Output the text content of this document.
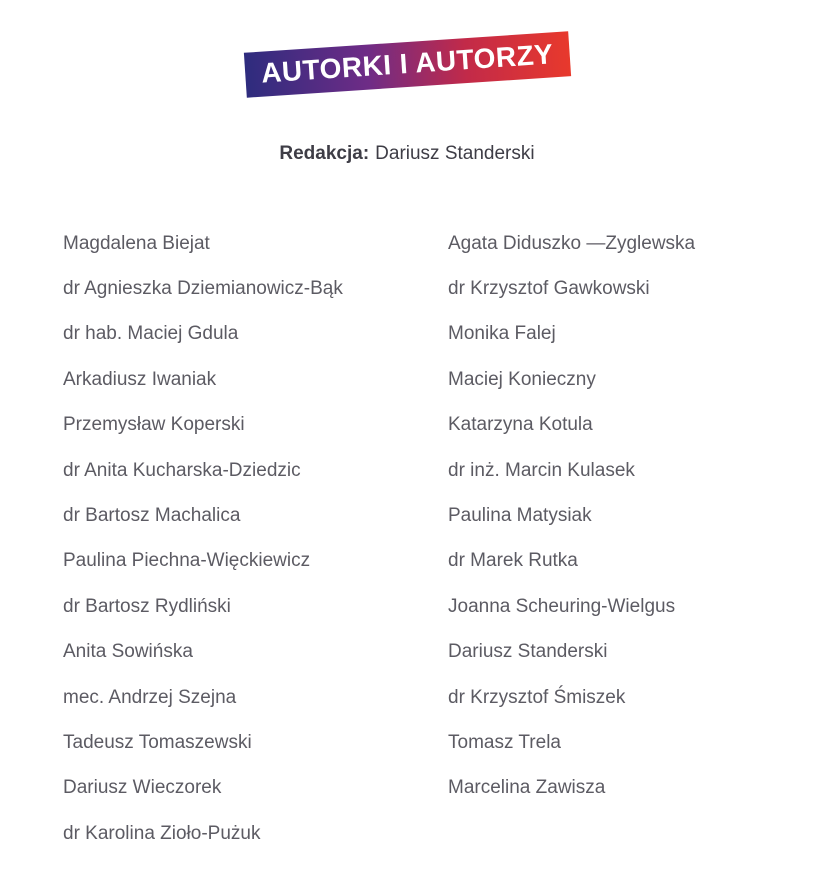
AUTORKI I AUTORZY

Redakcja: Dariusz Standerski

Magdalena Biejat
dr Agnieszka Dziemianowicz-Bąk
dr hab. Maciej Gdula
Arkadiusz Iwaniak
Przemysław Koperski
dr Anita Kucharska-Dziedzic
dr Bartosz Machalica
Paulina Piechna-Więckiewicz
dr Bartosz Rydliński
Anita Sowińska
mec. Andrzej Szejna
Tadeusz Tomaszewski
Dariusz Wieczorek
dr Karolina Zioło-Pużuk
Agata Diduszko —Zyglewska
dr Krzysztof Gawkowski
Monika Falej
Maciej Konieczny
Katarzyna Kotula
dr inż. Marcin Kulasek
Paulina Matysiak
dr Marek Rutka
Joanna Scheuring-Wielgus
Dariusz Standerski
dr Krzysztof Śmiszek
Tomasz Trela
Marcelina Zawisza
